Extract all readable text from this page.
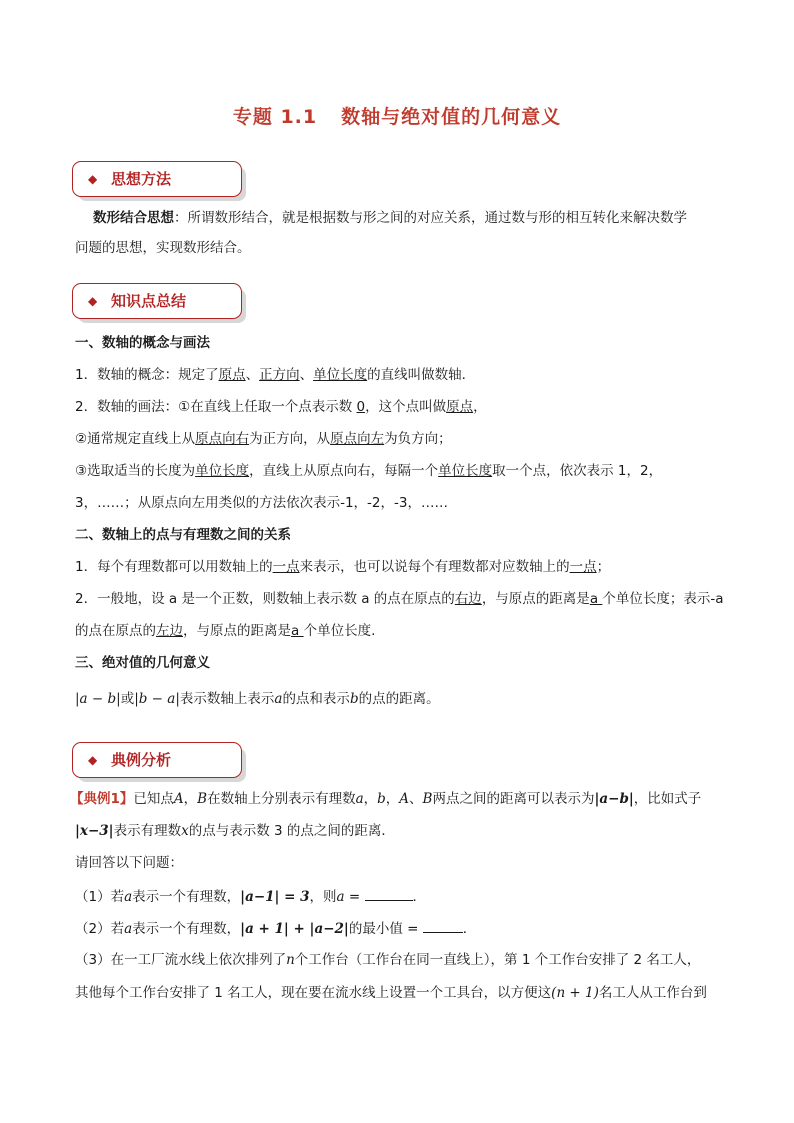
专题 1.1 数轴与绝对值的几何意义
◆ 思想方法
数形结合思想：所谓数形结合，就是根据数与形之间的对应关系，通过数与形的相互转化来解决数学
问题的思想，实现数形结合。
◆ 知识点总结
一、数轴的概念与画法
1．数轴的概念：规定了原点、正方向、单位长度的直线叫做数轴．
2．数轴的画法：①在直线上任取一个点表示数 0，这个点叫做原点，
②通常规定直线上从原点向右为正方向，从原点向左为负方向；
③选取适当的长度为单位长度，直线上从原点向右，每隔一个单位长度取一个点，依次表示 1，2，
3，……；从原点向左用类似的方法依次表示-1，-2，-3，……
二、数轴上的点与有理数之间的关系
1．每个有理数都可以用数轴上的一点来表示，也可以说每个有理数都对应数轴上的一点；
2．一般地，设 a 是一个正数，则数轴上表示数 a 的点在原点的右边，与原点的距离是a 个单位长度；表示-a
的点在原点的左边，与原点的距离是a 个单位长度.
三、绝对值的几何意义
|a − b|或|b − a|表示数轴上表示a的点和表示b的点的距离。
◆ 典例分析
【典例1】已知点A，B在数轴上分别表示有理数a，b，A、B两点之间的距离可以表示为|a−b|，比如式子
|x−3|表示有理数x的点与表示数 3 的点之间的距离．
请回答以下问题：
（1）若a表示一个有理数，|a−1| = 3，则a =	．
（2）若a表示一个有理数，|a + 1| + |a−2|的最小值 =	．
（3）在一工厂流水线上依次排列了n个工作台（工作台在同一直线上），第 1 个工作台安排了 2 名工人，
其他每个工作台安排了 1 名工人，现在要在流水线上设置一个工具台，以方便这(n + 1)名工人从工作台到
